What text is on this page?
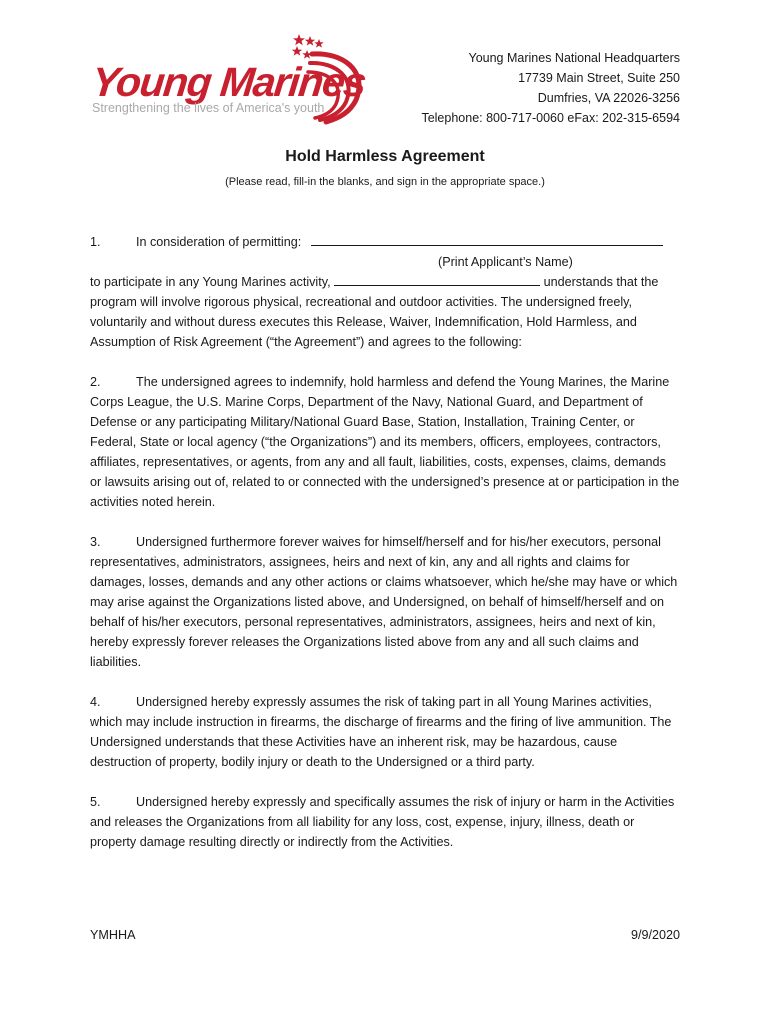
Young Marines
Strengthening the lives of America's youth
Young Marines National Headquarters
17739 Main Street, Suite 250
Dumfries, VA 22026-3256
Telephone: 800-717-0060 eFax: 202-315-6594
Hold Harmless Agreement
(Please read, fill-in the blanks, and sign in the appropriate space.)
1.	In consideration of permitting:
(Print Applicant’s Name)
to participate in any Young Marines activity,	understands that the program will involve rigorous physical, recreational and outdoor activities. The undersigned freely, voluntarily and without duress executes this Release, Waiver, Indemnification, Hold Harmless, and Assumption of Risk Agreement (“the Agreement”) and agrees to the following:
2.	The undersigned agrees to indemnify, hold harmless and defend the Young Marines, the Marine Corps League, the U.S. Marine Corps, Department of the Navy, National Guard, and Department of Defense or any participating Military/National Guard Base, Station, Installation, Training Center, or Federal, State or local agency (“the Organizations”) and its members, officers, employees, contractors, affiliates, representatives, or agents, from any and all fault, liabilities, costs, expenses, claims, demands or lawsuits arising out of, related to or connected with the undersigned’s presence at or participation in the activities noted herein.
3.	Undersigned furthermore forever waives for himself/herself and for his/her executors, personal representatives, administrators, assignees, heirs and next of kin, any and all rights and claims for damages, losses, demands and any other actions or claims whatsoever, which he/she may have or which may arise against the Organizations listed above, and Undersigned, on behalf of himself/herself and on behalf of his/her executors, personal representatives, administrators, assignees, heirs and next of kin, hereby expressly forever releases the Organizations listed above from any and all such claims and liabilities.
4.	Undersigned hereby expressly assumes the risk of taking part in all Young Marines activities, which may include instruction in firearms, the discharge of firearms and the firing of live ammunition. The Undersigned understands that these Activities have an inherent risk, may be hazardous, cause destruction of property, bodily injury or death to the Undersigned or a third party.
5.	Undersigned hereby expressly and specifically assumes the risk of injury or harm in the Activities and releases the Organizations from all liability for any loss, cost, expense, injury, illness, death or property damage resulting directly or indirectly from the Activities.
YMHHA	9/9/2020
